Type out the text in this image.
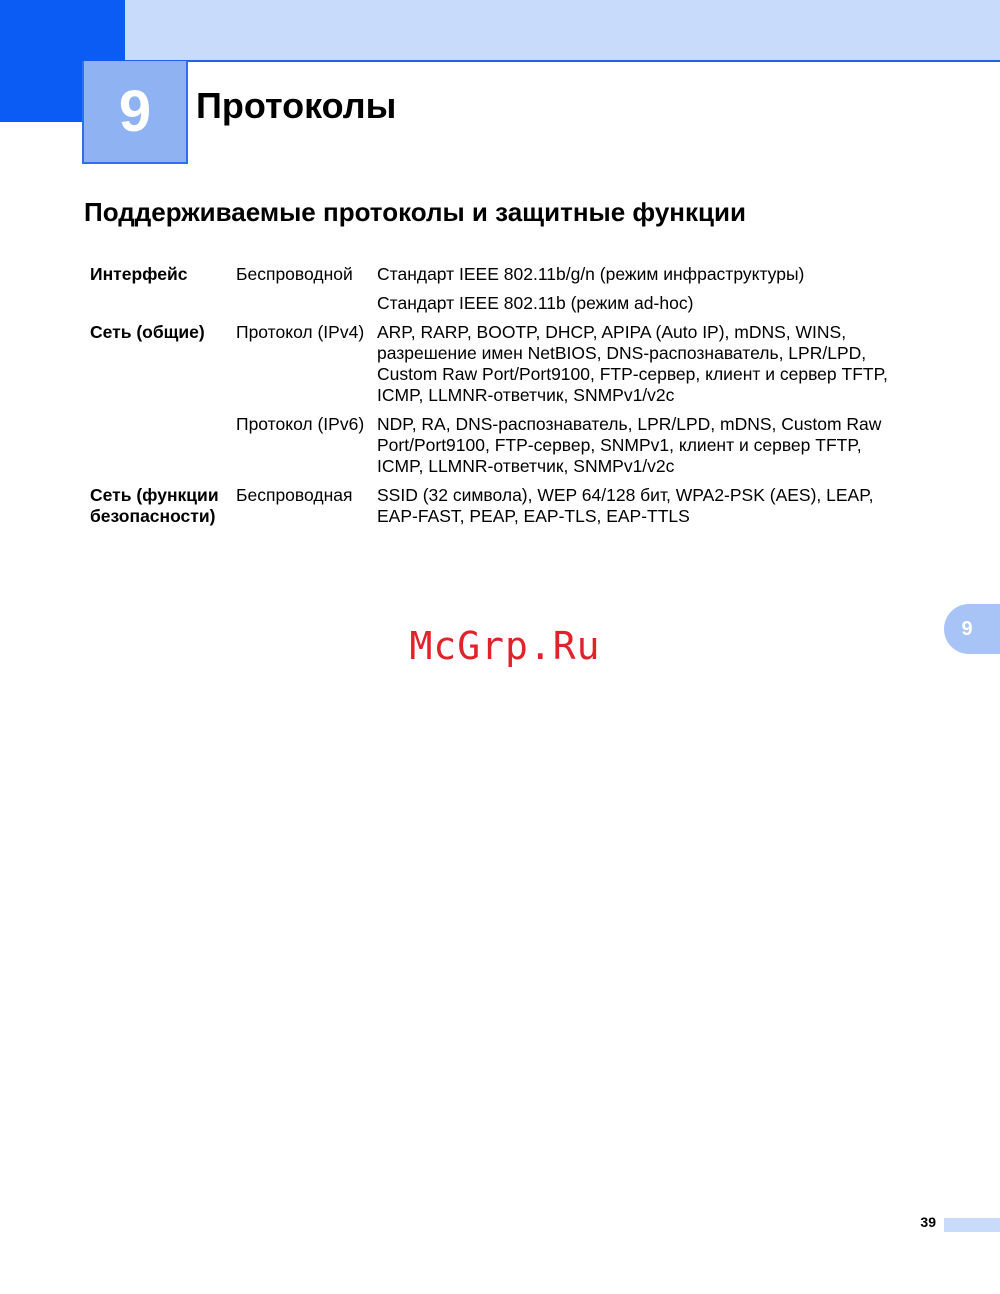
9 Протоколы
Поддерживаемые протоколы и защитные функции
Интерфейс	Беспроводной	Стандарт IEEE 802.11b/g/n (режим инфраструктуры)
		Стандарт IEEE 802.11b (режим ad-hoc)
Сеть (общие)	Протокол (IPv4)	ARP, RARP, BOOTP, DHCP, APIPA (Auto IP), mDNS, WINS, разрешение имен NetBIOS, DNS-распознаватель, LPR/LPD, Custom Raw Port/Port9100, FTP-сервер, клиент и сервер TFTP, ICMP, LLMNR-ответчик, SNMPv1/v2c
	Протокол (IPv6)	NDP, RA, DNS-распознаватель, LPR/LPD, mDNS, Custom Raw Port/Port9100, FTP-сервер, SNMPv1, клиент и сервер TFTP, ICMP, LLMNR-ответчик, SNMPv1/v2c
Сеть (функции безопасности)	Беспроводная	SSID (32 символа), WEP 64/128 бит, WPA2-PSK (AES), LEAP, EAP-FAST, PEAP, EAP-TLS, EAP-TTLS
McGrp.Ru	9
39
